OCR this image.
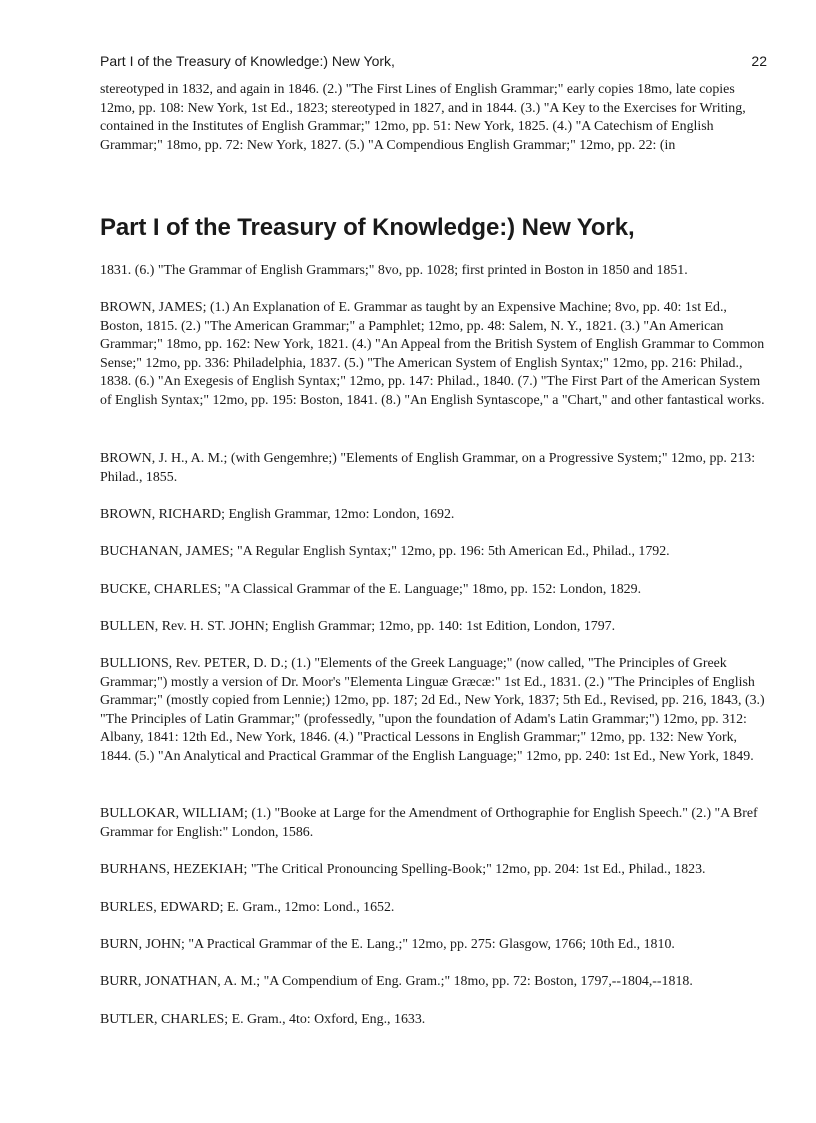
Part I of the Treasury of Knowledge:) New York,	22

stereotyped in 1832, and again in 1846. (2.) "The First Lines of English Grammar;" early copies 18mo, late copies 12mo, pp. 108: New York, 1st Ed., 1823; stereotyped in 1827, and in 1844. (3.) "A Key to the Exercises for Writing, contained in the Institutes of English Grammar;" 12mo, pp. 51: New York, 1825. (4.) "A Catechism of English Grammar;" 18mo, pp. 72: New York, 1827. (5.) "A Compendious English Grammar;" 12mo, pp. 22: (in

Part I of the Treasury of Knowledge:) New York,

1831. (6.) "The Grammar of English Grammars;" 8vo, pp. 1028; first printed in Boston in 1850 and 1851.

BROWN, JAMES; (1.) An Explanation of E. Grammar as taught by an Expensive Machine; 8vo, pp. 40: 1st Ed., Boston, 1815. (2.) "The American Grammar;" a Pamphlet; 12mo, pp. 48: Salem, N. Y., 1821. (3.) "An American Grammar;" 18mo, pp. 162: New York, 1821. (4.) "An Appeal from the British System of English Grammar to Common Sense;" 12mo, pp. 336: Philadelphia, 1837. (5.) "The American System of English Syntax;" 12mo, pp. 216: Philad., 1838. (6.) "An Exegesis of English Syntax;" 12mo, pp. 147: Philad., 1840. (7.) "The First Part of the American System of English Syntax;" 12mo, pp. 195: Boston, 1841. (8.) "An English Syntascope," a "Chart," and other fantastical works.

BROWN, J. H., A. M.; (with Gengemhre;) "Elements of English Grammar, on a Progressive System;" 12mo, pp. 213: Philad., 1855.

BROWN, RICHARD; English Grammar, 12mo: London, 1692.

BUCHANAN, JAMES; "A Regular English Syntax;" 12mo, pp. 196: 5th American Ed., Philad., 1792.

BUCKE, CHARLES; "A Classical Grammar of the E. Language;" 18mo, pp. 152: London, 1829.

BULLEN, Rev. H. ST. JOHN; English Grammar; 12mo, pp. 140: 1st Edition, London, 1797.

BULLIONS, Rev. PETER, D. D.; (1.) "Elements of the Greek Language;" (now called, "The Principles of Greek Grammar;") mostly a version of Dr. Moor's "Elementa Linguæ Græcæ:" 1st Ed., 1831. (2.) "The Principles of English Grammar;" (mostly copied from Lennie;) 12mo, pp. 187; 2d Ed., New York, 1837; 5th Ed., Revised, pp. 216, 1843, (3.) "The Principles of Latin Grammar;" (professedly, "upon the foundation of Adam's Latin Grammar;") 12mo, pp. 312: Albany, 1841: 12th Ed., New York, 1846. (4.) "Practical Lessons in English Grammar;" 12mo, pp. 132: New York, 1844. (5.) "An Analytical and Practical Grammar of the English Language;" 12mo, pp. 240: 1st Ed., New York, 1849.

BULLOKAR, WILLIAM; (1.) "Booke at Large for the Amendment of Orthographie for English Speech." (2.) "A Bref Grammar for English:" London, 1586.

BURHANS, HEZEKIAH; "The Critical Pronouncing Spelling-Book;" 12mo, pp. 204: 1st Ed., Philad., 1823.

BURLES, EDWARD; E. Gram., 12mo: Lond., 1652.

BURN, JOHN; "A Practical Grammar of the E. Lang.;" 12mo, pp. 275: Glasgow, 1766; 10th Ed., 1810.

BURR, JONATHAN, A. M.; "A Compendium of Eng. Gram.;" 18mo, pp. 72: Boston, 1797,--1804,--1818.

BUTLER, CHARLES; E. Gram., 4to: Oxford, Eng., 1633.
